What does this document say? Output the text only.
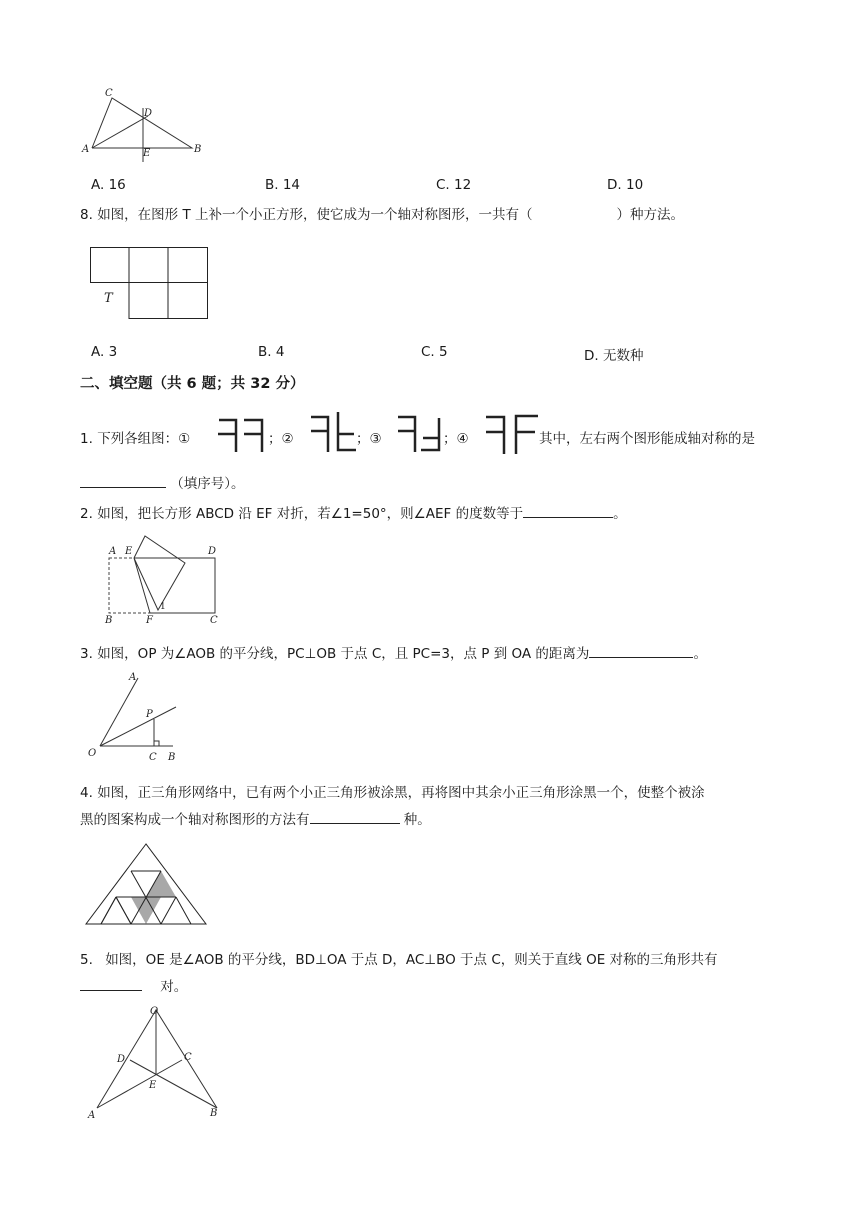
C
D
A	E	B
A. 16	B. 14	C. 12	D. 10
8. 如图，在图形 T 上补一个小正方形，使它成为一个轴对称图形，一共有（	）种方法。
T
A. 3	B. 4	C. 5	D. 无数种
二、填空题（共 6 题；共 32 分）
1. 下列各组图：①	；②	；③	；④	其中，左右两个图形能成轴对称的是
（填序号）。
2. 如图，把长方形 ABCD 沿 EF 对折，若∠1=50°，则∠AEF 的度数等于	。
A E	D
B	F
1
C
3. 如图，OP 为∠AOB 的平分线，PC⊥OB 于点 C，且 PC=3，点 P 到 OA 的距离为	。
A
P
O	C B
4. 如图，正三角形网络中，已有两个小正三角形被涂黑，再将图中其余小正三角形涂黑一个，使整个被涂
黑的图案构成一个轴对称图形的方法有	种。
5. 如图，OE 是∠AOB 的平分线，BD⊥OA 于点 D，AC⊥BO 于点 C，则关于直线 OE 对称的三角形共有
对。
O
D	C
E
A	B
